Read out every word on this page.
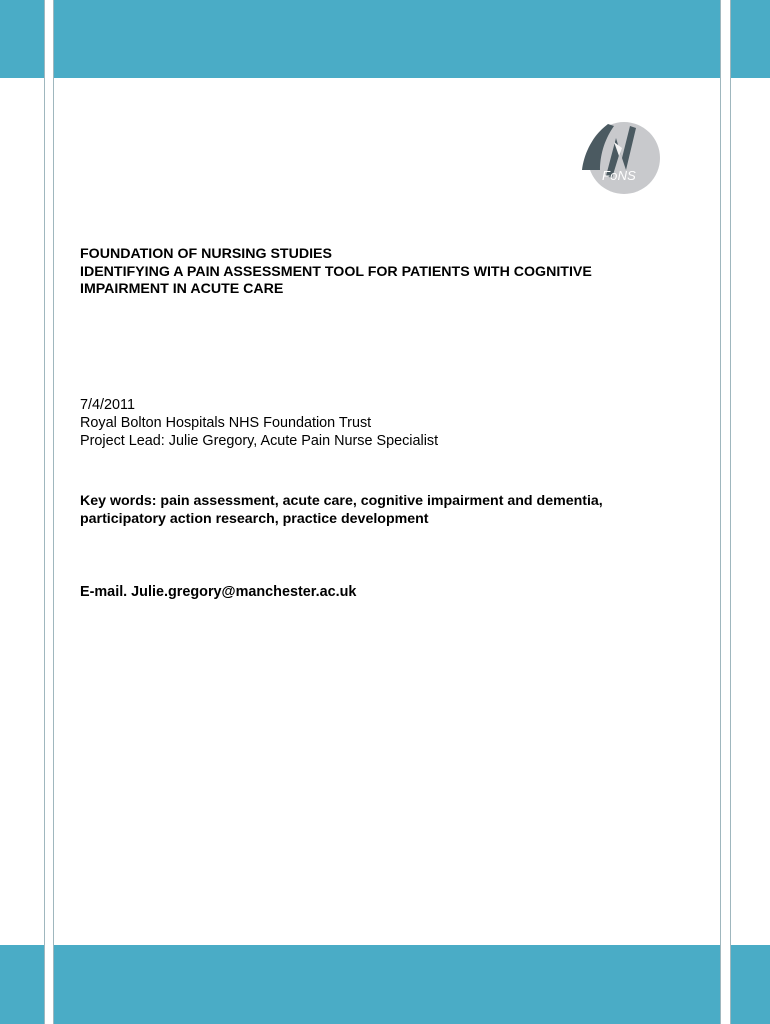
FoNS

FOUNDATION OF NURSING STUDIES

IDENTIFYING A PAIN ASSESSMENT TOOL FOR PATIENTS WITH COGNITIVE

IMPAIRMENT IN ACUTE CARE

7/4/2011

Royal Bolton Hospitals NHS Foundation Trust

Project Lead: Julie Gregory, Acute Pain Nurse Specialist

Key words: pain assessment, acute care, cognitive impairment and dementia,

participatory action research, practice development

E-mail. Julie.gregory@manchester.ac.uk
